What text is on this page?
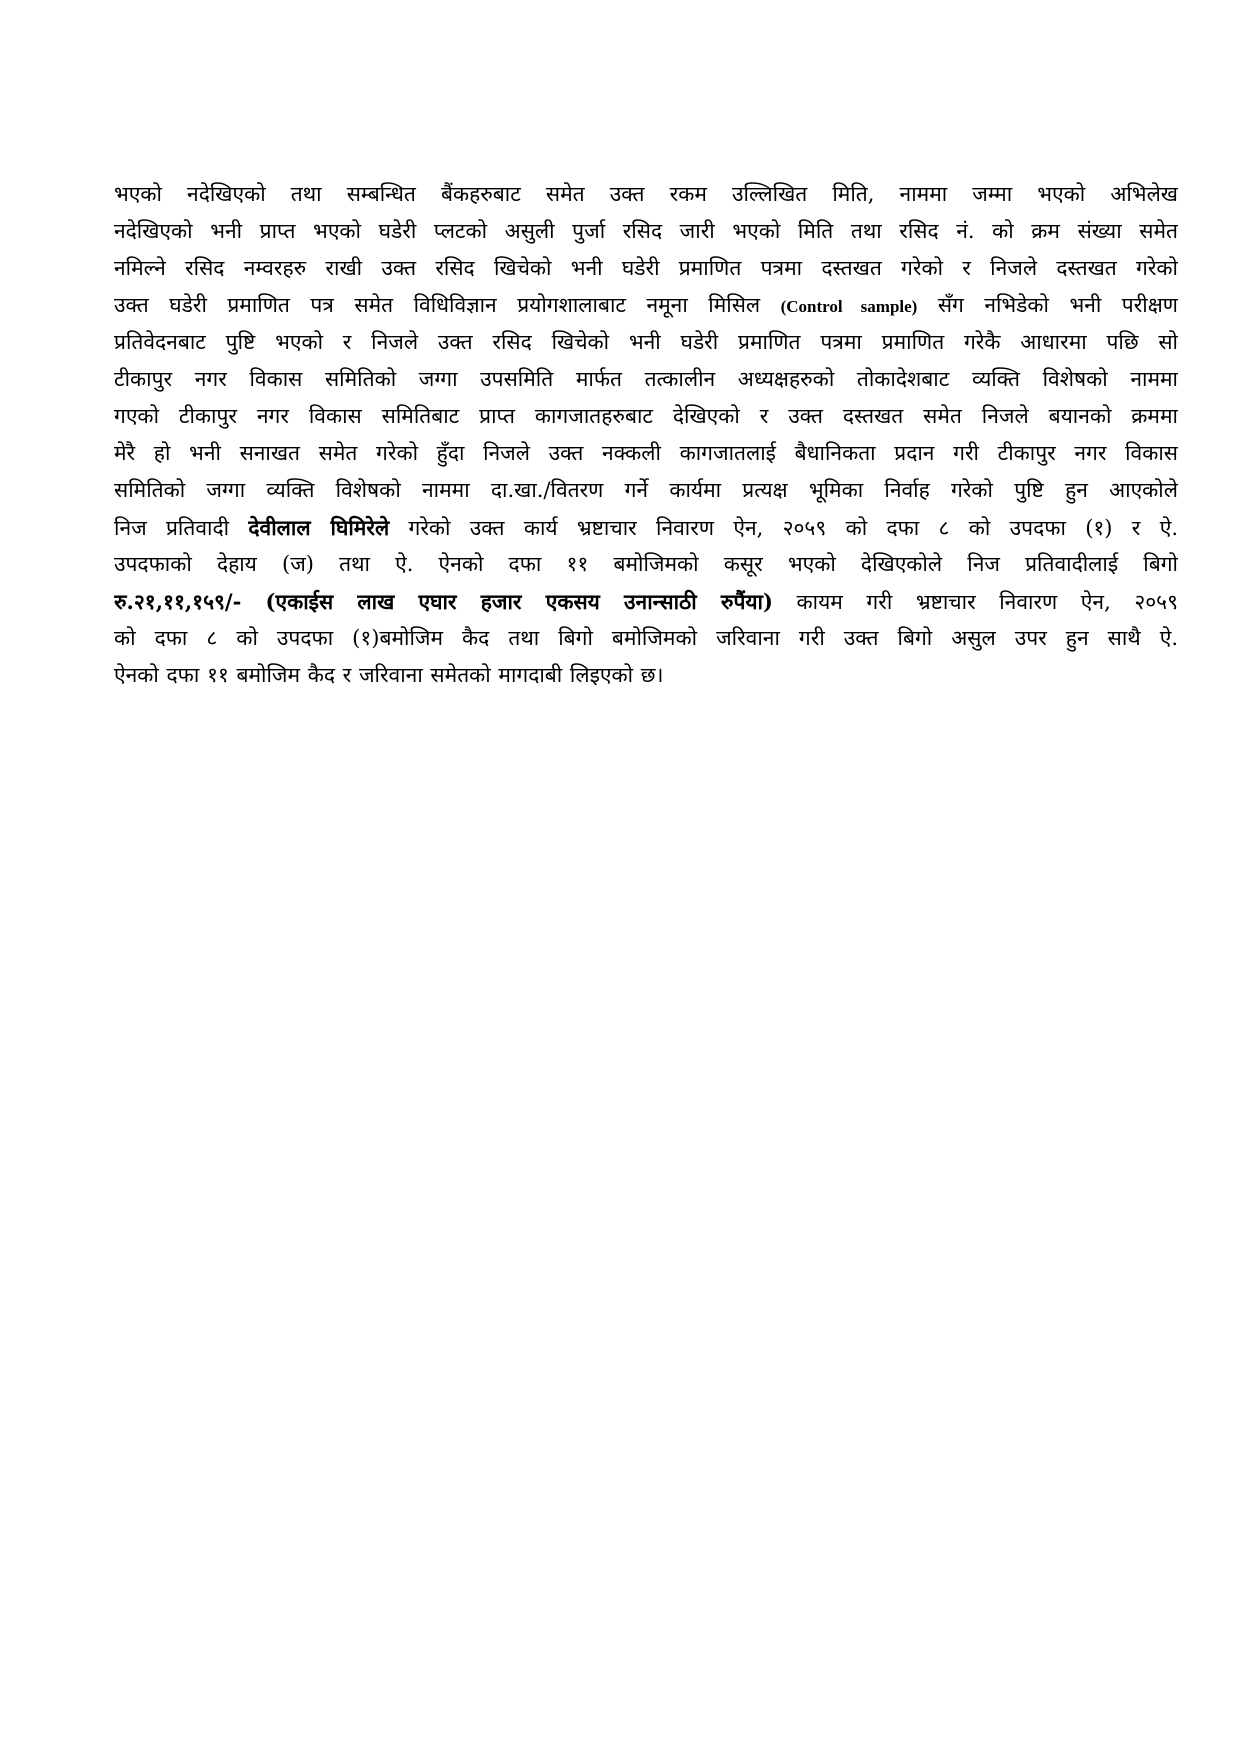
भएको नदेखिएको तथा सम्बन्धित बैंकहरुबाट समेत उक्त रकम उल्लिखित मिति, नाममा जम्मा भएको अभिलेख
नदेखिएको भनी प्राप्त भएको घडेरी प्लटको असुली पुर्जा रसिद जारी भएको मिति तथा रसिद नं. को क्रम संख्या समेत
नमिल्ने रसिद नम्वरहरु राखी उक्त रसिद खिचेको भनी घडेरी प्रमाणित पत्रमा दस्तखत गरेको र निजले दस्तखत गरेको
उक्त घडेरी प्रमाणित पत्र समेत विधिविज्ञान प्रयोगशालाबाट नमूना मिसिल (Control sample) सँग नभिडेको भनी परीक्षण
प्रतिवेदनबाट पुष्टि भएको र निजले उक्त रसिद खिचेको भनी घडेरी प्रमाणित पत्रमा प्रमाणित गरेकै आधारमा पछि सो
टीकापुर नगर विकास समितिको जग्गा उपसमिति मार्फत तत्कालीन अध्यक्षहरुको तोकादेशबाट व्यक्ति विशेषको नाममा
गएको टीकापुर नगर विकास समितिबाट प्राप्त कागजातहरुबाट देखिएको र उक्त दस्तखत समेत निजले बयानको क्रममा
मेरै हो भनी सनाखत समेत गरेको हुँदा निजले उक्त नक्कली कागजातलाई बैधानिकता प्रदान गरी टीकापुर नगर विकास
समितिको जग्गा व्यक्ति विशेषको नाममा दा.खा./वितरण गर्ने कार्यमा प्रत्यक्ष भूमिका निर्वाह गरेको पुष्टि हुन आएकोले
निज प्रतिवादी देवीलाल घिमिरेले गरेको उक्त कार्य भ्रष्टाचार निवारण ऐन, २०५९ को दफा ८ को उपदफा (१) र ऐ.
उपदफाको देहाय (ज) तथा ऐ. ऐनको दफा ११ बमोजिमको कसूर भएको देखिएकोले निज प्रतिवादीलाई बिगो
रु.२१,११,१५९/- (एकाईस लाख एघार हजार एकसय उनान्साठी रुपैंया) कायम गरी भ्रष्टाचार निवारण ऐन, २०५९
को दफा ८ को उपदफा (१)बमोजिम कैद तथा बिगो बमोजिमको जरिवाना गरी उक्त बिगो असुल उपर हुन साथै ऐ.
ऐनको दफा ११ बमोजिम कैद र जरिवाना समेतको मागदाबी लिइएको छ।
